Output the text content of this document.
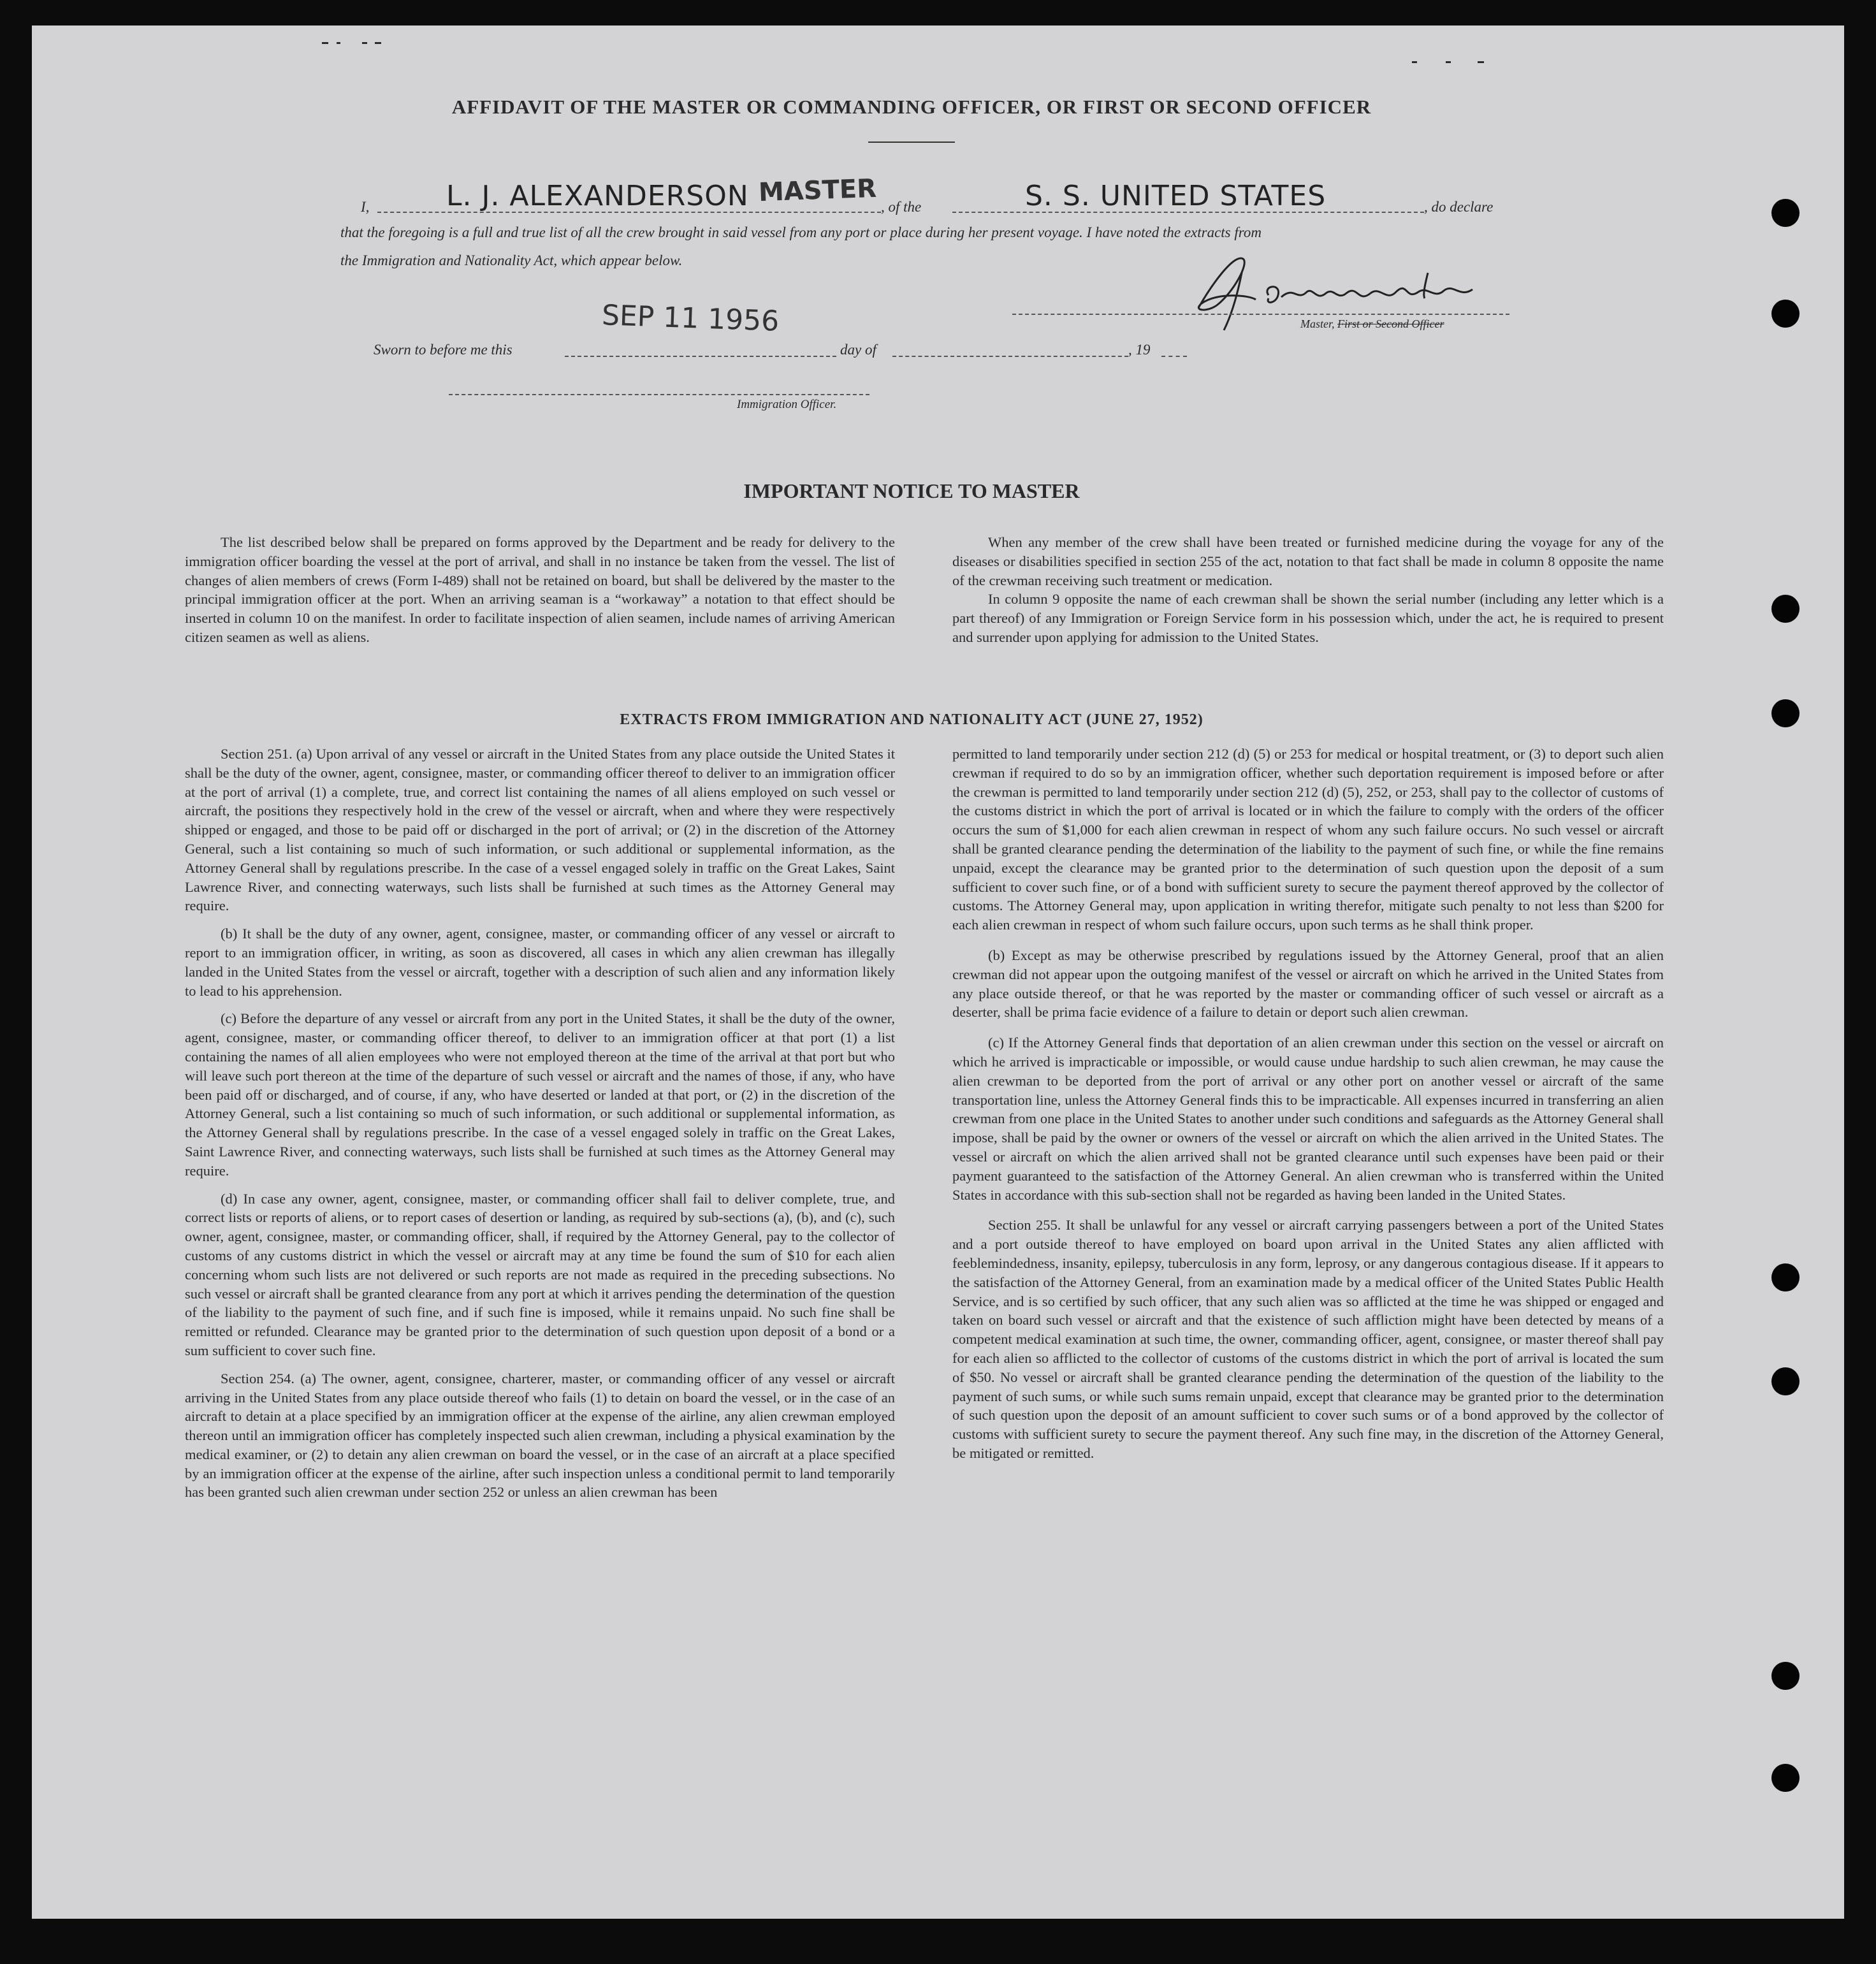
AFFIDAVIT OF THE MASTER OR COMMANDING OFFICER, OR FIRST OR SECOND OFFICER
I,	L. J. ALEXANDERSON MASTER , of the	S. S. UNITED STATES	, do declare
that the foregoing is a full and true list of all the crew brought in said vessel from any port or place during her present voyage. I have noted the extracts from
the Immigration and Nationality Act, which appear below.
Master, First or Second Officer
SEP 11 1956
Sworn to before me this	day of	, 19
Immigration Officer.
IMPORTANT NOTICE TO MASTER

The list described below shall be prepared on forms approved by the Department and be ready for delivery to the immigration officer boarding the vessel at the port of arrival, and shall in no instance be taken from the vessel. The list of changes of alien members of crews (Form I-489) shall not be retained on board, but shall be delivered by the master to the principal immigration officer at the port. When an arriving seaman is a “workaway” a notation to that effect should be inserted in column 10 on the manifest. In order to facilitate inspection of alien seamen, include names of arriving American citizen seamen as well as aliens.

When any member of the crew shall have been treated or furnished medicine during the voyage for any of the diseases or disabilities specified in section 255 of the act, notation to that fact shall be made in column 8 opposite the name of the crewman receiving such treatment or medication.

In column 9 opposite the name of each crewman shall be shown the serial number (including any letter which is a part thereof) of any Immigration or Foreign Service form in his possession which, under the act, he is required to present and surrender upon applying for admission to the United States.

EXTRACTS FROM IMMIGRATION AND NATIONALITY ACT (JUNE 27, 1952)

Section 251. (a) Upon arrival of any vessel or aircraft in the United States from any place outside the United States it shall be the duty of the owner, agent, consignee, master, or commanding officer thereof to deliver to an immigration officer at the port of arrival (1) a complete, true, and correct list containing the names of all aliens employed on such vessel or aircraft, the positions they respectively hold in the crew of the vessel or aircraft, when and where they were respectively shipped or engaged, and those to be paid off or discharged in the port of arrival; or (2) in the discretion of the Attorney General, such a list containing so much of such information, or such additional or supplemental information, as the Attorney General shall by regulations prescribe. In the case of a vessel engaged solely in traffic on the Great Lakes, Saint Lawrence River, and connecting waterways, such lists shall be furnished at such times as the Attorney General may require.

(b) It shall be the duty of any owner, agent, consignee, master, or commanding officer of any vessel or aircraft to report to an immigration officer, in writing, as soon as discovered, all cases in which any alien crewman has illegally landed in the United States from the vessel or aircraft, together with a description of such alien and any information likely to lead to his apprehension.

(c) Before the departure of any vessel or aircraft from any port in the United States, it shall be the duty of the owner, agent, consignee, master, or commanding officer thereof, to deliver to an immigration officer at that port (1) a list containing the names of all alien employees who were not employed thereon at the time of the arrival at that port but who will leave such port thereon at the time of the departure of such vessel or aircraft and the names of those, if any, who have been paid off or discharged, and of course, if any, who have deserted or landed at that port, or (2) in the discretion of the Attorney General, such a list containing so much of such information, or such additional or supplemental information, as the Attorney General shall by regulations prescribe. In the case of a vessel engaged solely in traffic on the Great Lakes, Saint Lawrence River, and connecting waterways, such lists shall be furnished at such times as the Attorney General may require.

(d) In case any owner, agent, consignee, master, or commanding officer shall fail to deliver complete, true, and correct lists or reports of aliens, or to report cases of desertion or landing, as required by sub-sections (a), (b), and (c), such owner, agent, consignee, master, or commanding officer, shall, if required by the Attorney General, pay to the collector of customs of any customs district in which the vessel or aircraft may at any time be found the sum of $10 for each alien concerning whom such lists are not delivered or such reports are not made as required in the preceding subsections. No such vessel or aircraft shall be granted clearance from any port at which it arrives pending the determination of the question of the liability to the payment of such fine, and if such fine is imposed, while it remains unpaid. No such fine shall be remitted or refunded. Clearance may be granted prior to the determination of such question upon deposit of a bond or a sum sufficient to cover such fine.

Section 254. (a) The owner, agent, consignee, charterer, master, or commanding officer of any vessel or aircraft arriving in the United States from any place outside thereof who fails (1) to detain on board the vessel, or in the case of an aircraft to detain at a place specified by an immigration officer at the expense of the airline, any alien crewman employed thereon until an immigration officer has completely inspected such alien crewman, including a physical examination by the medical examiner, or (2) to detain any alien crewman on board the vessel, or in the case of an aircraft at a place specified by an immigration officer at the expense of the airline, after such inspection unless a conditional permit to land temporarily has been granted such alien crewman under section 252 or unless an alien crewman has been

permitted to land temporarily under section 212 (d) (5) or 253 for medical or hospital treatment, or (3) to deport such alien crewman if required to do so by an immigration officer, whether such deportation requirement is imposed before or after the crewman is permitted to land temporarily under section 212 (d) (5), 252, or 253, shall pay to the collector of customs of the customs district in which the port of arrival is located or in which the failure to comply with the orders of the officer occurs the sum of $1,000 for each alien crewman in respect of whom any such failure occurs. No such vessel or aircraft shall be granted clearance pending the determination of the liability to the payment of such fine, or while the fine remains unpaid, except the clearance may be granted prior to the determination of such question upon the deposit of a sum sufficient to cover such fine, or of a bond with sufficient surety to secure the payment thereof approved by the collector of customs. The Attorney General may, upon application in writing therefor, mitigate such penalty to not less than $200 for each alien crewman in respect of whom such failure occurs, upon such terms as he shall think proper.

(b) Except as may be otherwise prescribed by regulations issued by the Attorney General, proof that an alien crewman did not appear upon the outgoing manifest of the vessel or aircraft on which he arrived in the United States from any place outside thereof, or that he was reported by the master or commanding officer of such vessel or aircraft as a deserter, shall be prima facie evidence of a failure to detain or deport such alien crewman.

(c) If the Attorney General finds that deportation of an alien crewman under this section on the vessel or aircraft on which he arrived is impracticable or impossible, or would cause undue hardship to such alien crewman, he may cause the alien crewman to be deported from the port of arrival or any other port on another vessel or aircraft of the same transportation line, unless the Attorney General finds this to be impracticable. All expenses incurred in transferring an alien crewman from one place in the United States to another under such conditions and safeguards as the Attorney General shall impose, shall be paid by the owner or owners of the vessel or aircraft on which the alien arrived in the United States. The vessel or aircraft on which the alien arrived shall not be granted clearance until such expenses have been paid or their payment guaranteed to the satisfaction of the Attorney General. An alien crewman who is transferred within the United States in accordance with this sub-section shall not be regarded as having been landed in the United States.

Section 255. It shall be unlawful for any vessel or aircraft carrying passengers between a port of the United States and a port outside thereof to have employed on board upon arrival in the United States any alien afflicted with feeblemindedness, insanity, epilepsy, tuberculosis in any form, leprosy, or any dangerous contagious disease. If it appears to the satisfaction of the Attorney General, from an examination made by a medical officer of the United States Public Health Service, and is so certified by such officer, that any such alien was so afflicted at the time he was shipped or engaged and taken on board such vessel or aircraft and that the existence of such affliction might have been detected by means of a competent medical examination at such time, the owner, commanding officer, agent, consignee, or master thereof shall pay for each alien so afflicted to the collector of customs of the customs district in which the port of arrival is located the sum of $50. No vessel or aircraft shall be granted clearance pending the determination of the question of the liability to the payment of such sums, or while such sums remain unpaid, except that clearance may be granted prior to the determination of such question upon the deposit of an amount sufficient to cover such sums or of a bond approved by the collector of customs with sufficient surety to secure the payment thereof. Any such fine may, in the discretion of the Attorney General, be mitigated or remitted.
